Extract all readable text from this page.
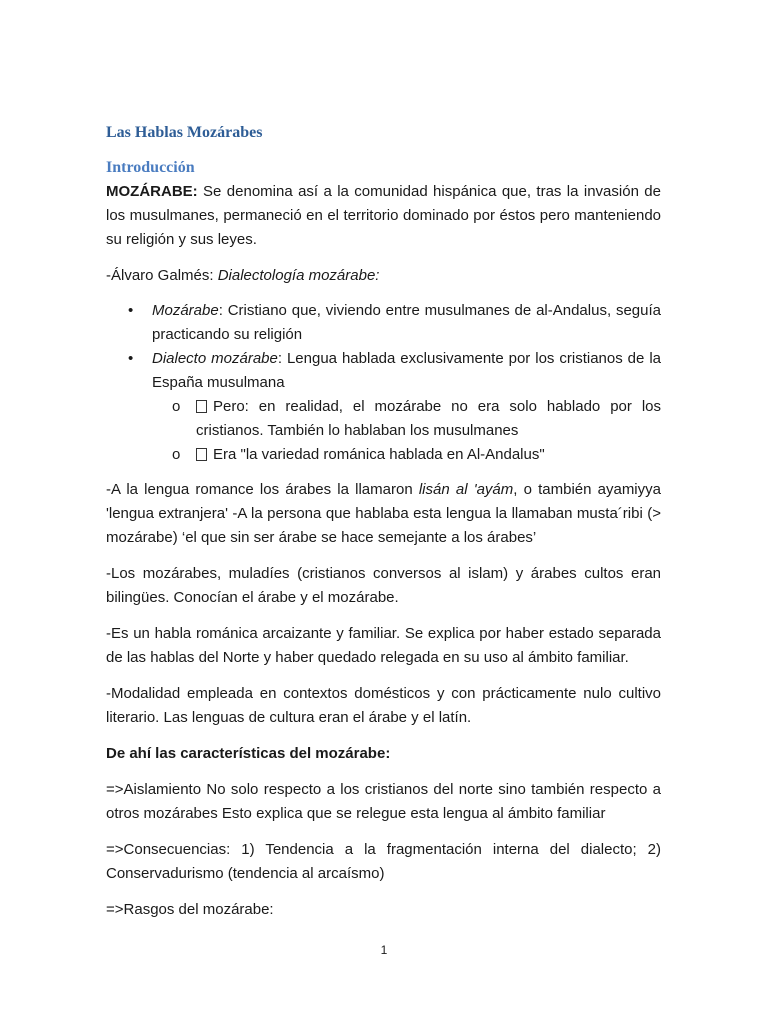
Las Hablas Mozárabes
Introducción

MOZÁRABE: Se denomina así a la comunidad hispánica que, tras la invasión de los musulmanes, permaneció en el territorio dominado por éstos pero manteniendo su religión y sus leyes.

-Álvaro Galmés: Dialectología mozárabe:

• Mozárabe: Cristiano que, viviendo entre musulmanes de al-Andalus, seguía practicando su religión
• Dialecto mozárabe: Lengua hablada exclusivamente por los cristianos de la España musulmana
o Pero: en realidad, el mozárabe no era solo hablado por los cristianos. También lo hablaban los musulmanes
o Era "la variedad románica hablada en Al-Andalus"

-A la lengua romance los árabes la llamaron lisán al 'ayám, o también ayamiyya 'lengua extranjera' -A la persona que hablaba esta lengua la llamaban musta´ribi (> mozárabe) ‘el que sin ser árabe se hace semejante a los árabes’

-Los mozárabes, muladíes (cristianos conversos al islam) y árabes cultos eran bilingües. Conocían el árabe y el mozárabe.

-Es un habla románica arcaizante y familiar. Se explica por haber estado separada de las hablas del Norte y haber quedado relegada en su uso al ámbito familiar.

-Modalidad empleada en contextos domésticos y con prácticamente nulo cultivo literario. Las lenguas de cultura eran el árabe y el latín.

De ahí las características del mozárabe:

=>Aislamiento No solo respecto a los cristianos del norte sino también respecto a otros mozárabes Esto explica que se relegue esta lengua al ámbito familiar

=>Consecuencias: 1) Tendencia a la fragmentación interna del dialecto; 2) Conservadurismo (tendencia al arcaísmo)

=>Rasgos del mozárabe:

1
